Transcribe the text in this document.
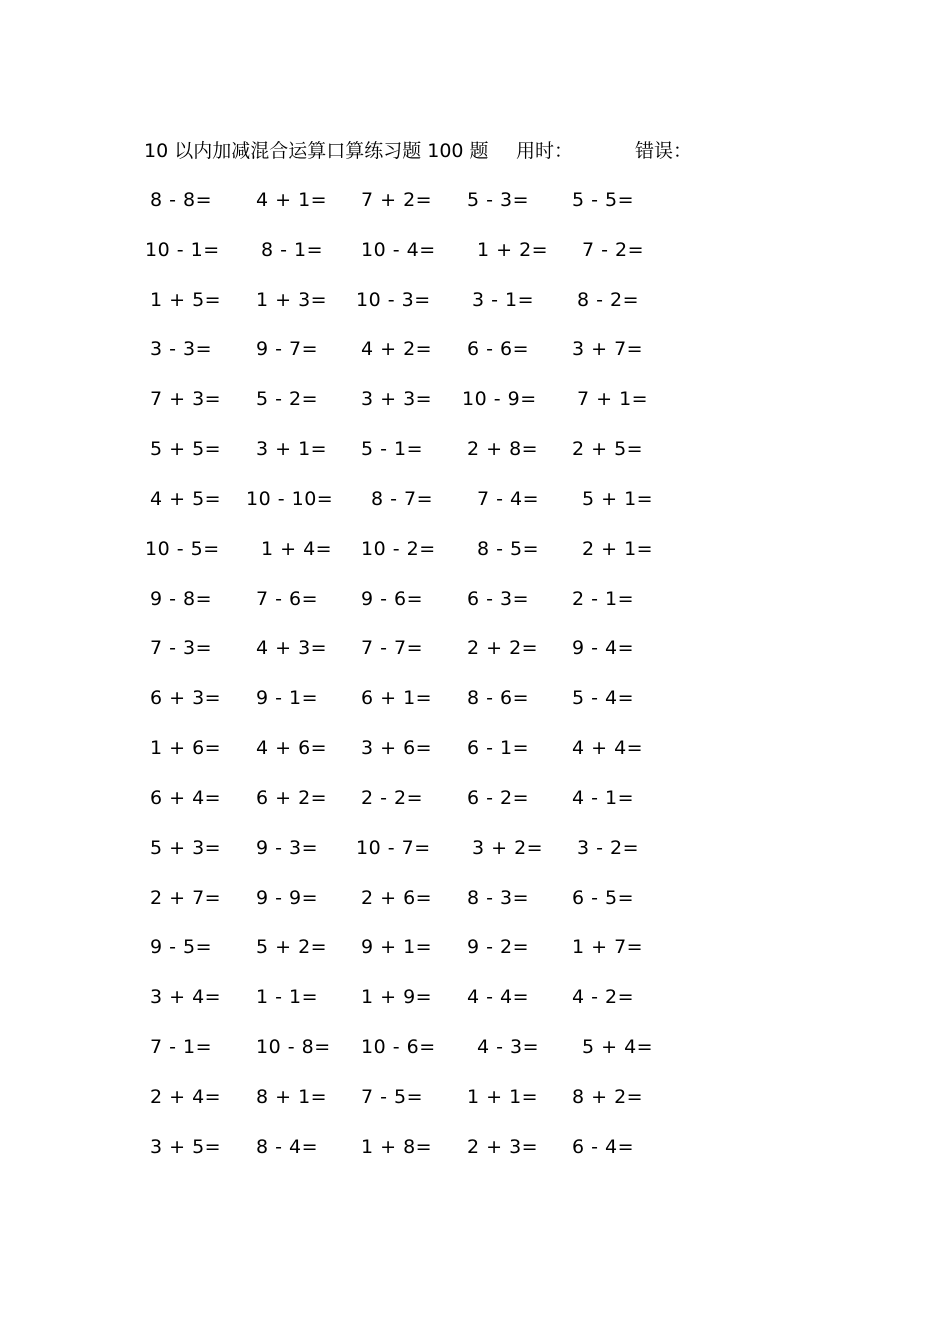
10 以内加减混合运算口算练习题 100 题 用时：	错误：
8 - 8=	4 + 1=	7 + 2=	5 - 3=	5 - 5=
10 - 1=	8 - 1=	10 - 4=	1 + 2=	7 - 2=
1 + 5=	1 + 3=	10 - 3=	3 - 1=	8 - 2=
3 - 3=	9 - 7=	4 + 2=	6 - 6=	3 + 7=
7 + 3=	5 - 2=	3 + 3=	10 - 9=	7 + 1=
5 + 5=	3 + 1=	5 - 1=	2 + 8=	2 + 5=
4 + 5=	10 - 10=	8 - 7=	7 - 4=	5 + 1=
10 - 5=	1 + 4=	10 - 2=	8 - 5=	2 + 1=
9 - 8=	7 - 6=	9 - 6=	6 - 3=	2 - 1=
7 - 3=	4 + 3=	7 - 7=	2 + 2=	9 - 4=
6 + 3=	9 - 1=	6 + 1=	8 - 6=	5 - 4=
1 + 6=	4 + 6=	3 + 6=	6 - 1=	4 + 4=
6 + 4=	6 + 2=	2 - 2=	6 - 2=	4 - 1=
5 + 3=	9 - 3=	10 - 7=	3 + 2=	3 - 2=
2 + 7=	9 - 9=	2 + 6=	8 - 3=	6 - 5=
9 - 5=	5 + 2=	9 + 1=	9 - 2=	1 + 7=
3 + 4=	1 - 1=	1 + 9=	4 - 4=	4 - 2=
7 - 1=	10 - 8=	10 - 6=	4 - 3=	5 + 4=
2 + 4=	8 + 1=	7 - 5=	1 + 1=	8 + 2=
3 + 5=	8 - 4=	1 + 8=	2 + 3=	6 - 4=
